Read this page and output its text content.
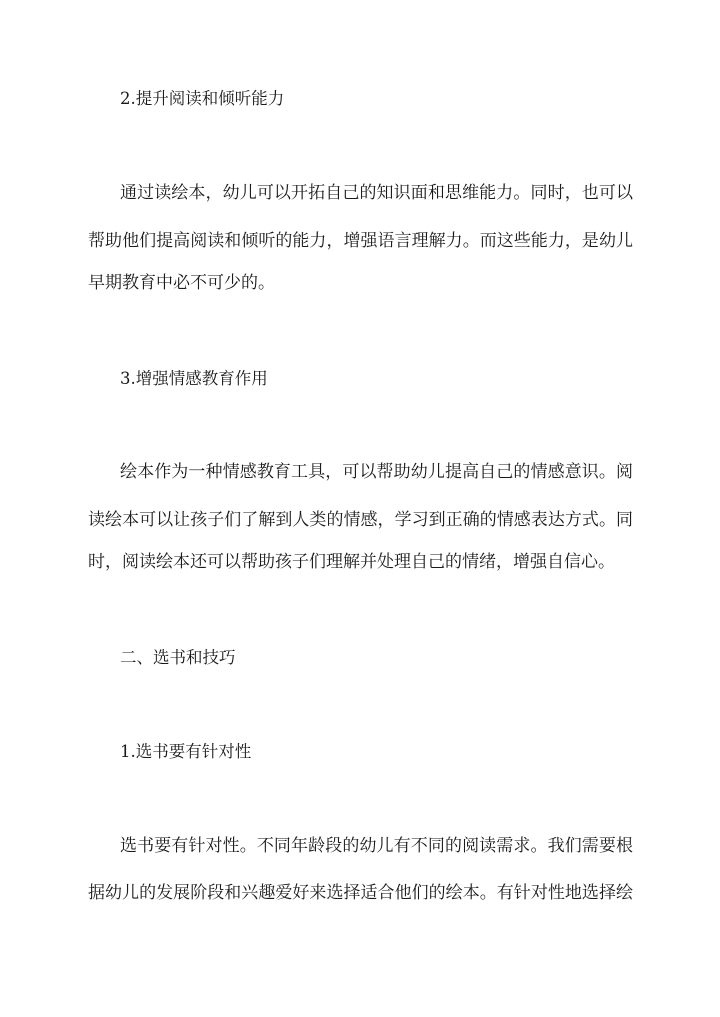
2.提升阅读和倾听能力
通过读绘本，幼儿可以开拓自己的知识面和思维能力。同时，也可以
帮助他们提高阅读和倾听的能力，增强语言理解力。而这些能力，是幼儿
早期教育中必不可少的。
3.增强情感教育作用
绘本作为一种情感教育工具，可以帮助幼儿提高自己的情感意识。阅
读绘本可以让孩子们了解到人类的情感，学习到正确的情感表达方式。同
时，阅读绘本还可以帮助孩子们理解并处理自己的情绪，增强自信心。
二、选书和技巧
1.选书要有针对性
选书要有针对性。不同年龄段的幼儿有不同的阅读需求。我们需要根
据幼儿的发展阶段和兴趣爱好来选择适合他们的绘本。有针对性地选择绘
